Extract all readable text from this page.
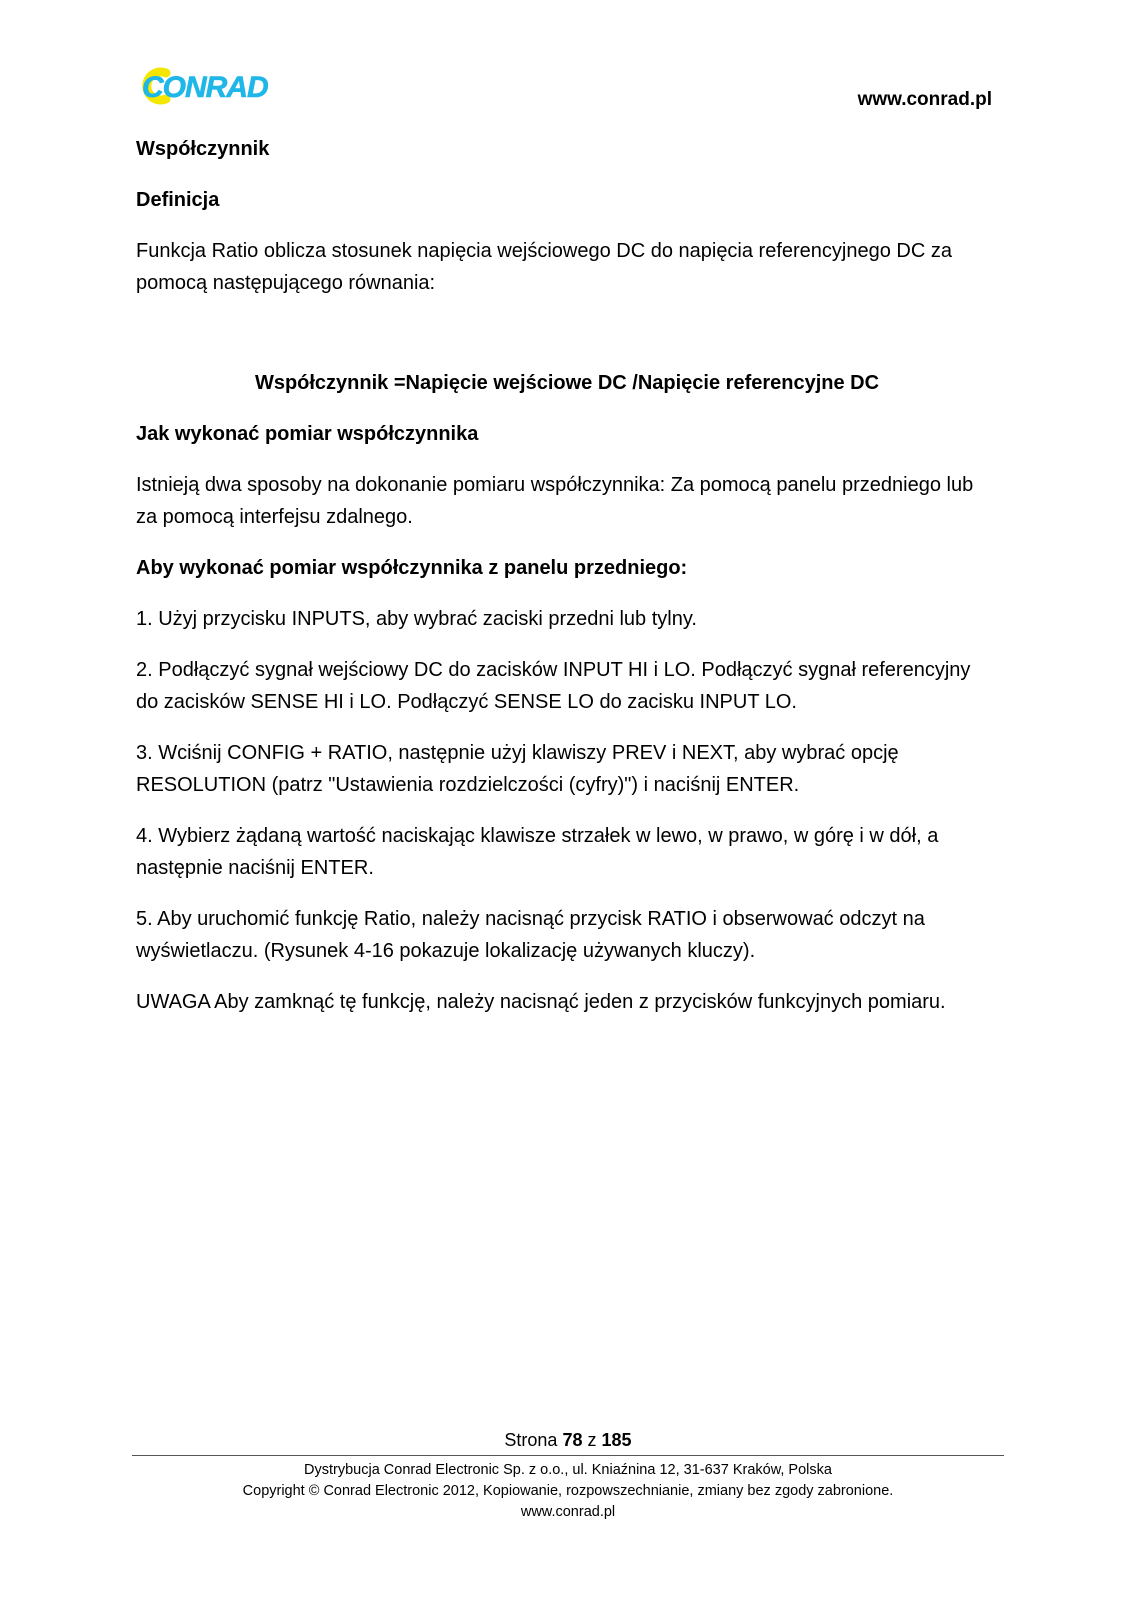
CONRAD	www.conrad.pl

Współczynnik

Definicja

Funkcja Ratio oblicza stosunek napięcia wejściowego DC do napięcia referencyjnego DC za pomocą następującego równania:

Współczynnik =Napięcie wejściowe DC /Napięcie referencyjne DC

Jak wykonać pomiar współczynnika

Istnieją dwa sposoby na dokonanie pomiaru współczynnika: Za pomocą panelu przedniego lub za pomocą interfejsu zdalnego.

Aby wykonać pomiar współczynnika z panelu przedniego:

1. Użyj przycisku INPUTS, aby wybrać zaciski przedni lub tylny.

2. Podłączyć sygnał wejściowy DC do zacisków INPUT HI i LO. Podłączyć sygnał referencyjny do zacisków SENSE HI i LO. Podłączyć SENSE LO do zacisku INPUT LO.

3. Wciśnij CONFIG + RATIO, następnie użyj klawiszy PREV i NEXT, aby wybrać opcję RESOLUTION (patrz "Ustawienia rozdzielczości (cyfry)") i naciśnij ENTER.

4. Wybierz żądaną wartość naciskając klawisze strzałek w lewo, w prawo, w górę i w dół, a następnie naciśnij ENTER.

5. Aby uruchomić funkcję Ratio, należy nacisnąć przycisk RATIO i obserwować odczyt na wyświetlaczu. (Rysunek 4-16 pokazuje lokalizację używanych kluczy).

UWAGA Aby zamknąć tę funkcję, należy nacisnąć jeden z przycisków funkcyjnych pomiaru.

Strona 78 z 185
Dystrybucja Conrad Electronic Sp. z o.o., ul. Kniaźnina 12, 31-637 Kraków, Polska
Copyright © Conrad Electronic 2012, Kopiowanie, rozpowszechnianie, zmiany bez zgody zabronione.
www.conrad.pl
